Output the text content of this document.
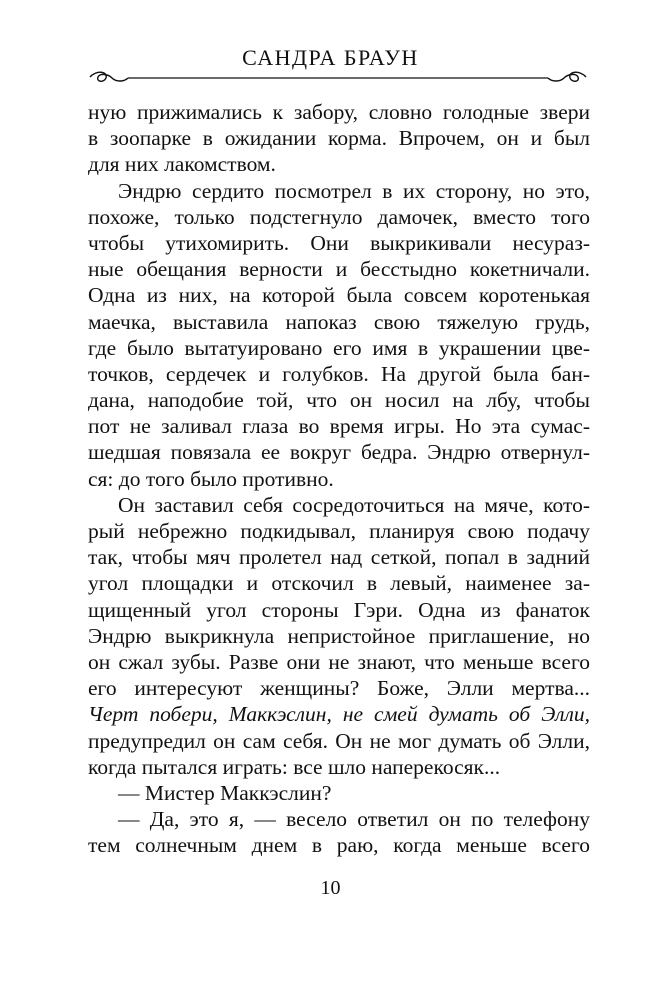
САНДРА БРАУН
ную прижимались к забору, словно голодные звери
в зоопарке в ожидании корма. Впрочем, он и был
для них лакомством.
Эндрю сердито посмотрел в их сторону, но это,
похоже, только подстегнуло дамочек, вместо того
чтобы утихомирить. Они выкрикивали несураз-
ные обещания верности и бесстыдно кокетничали.
Одна из них, на которой была совсем коротенькая
маечка, выставила напоказ свою тяжелую грудь,
где было вытатуировано его имя в украшении цве-
точков, сердечек и голубков. На другой была бан-
дана, наподобие той, что он носил на лбу, чтобы
пот не заливал глаза во время игры. Но эта сумас-
шедшая повязала ее вокруг бедра. Эндрю отвернул-
ся: до того было противно.
Он заставил себя сосредоточиться на мяче, кото-
рый небрежно подкидывал, планируя свою подачу
так, чтобы мяч пролетел над сеткой, попал в задний
угол площадки и отскочил в левый, наименее за-
щищенный угол стороны Гэри. Одна из фанаток
Эндрю выкрикнула непристойное приглашение, но
он сжал зубы. Разве они не знают, что меньше всего
его интересуют женщины? Боже, Элли мертва...
Черт побери, Маккэслин, не смей думать об Элли,
предупредил он сам себя. Он не мог думать об Элли,
когда пытался играть: все шло наперекосяк...
— Мистер Маккэслин?
— Да, это я, — весело ответил он по телефону
тем солнечным днем в раю, когда меньше всего
10
